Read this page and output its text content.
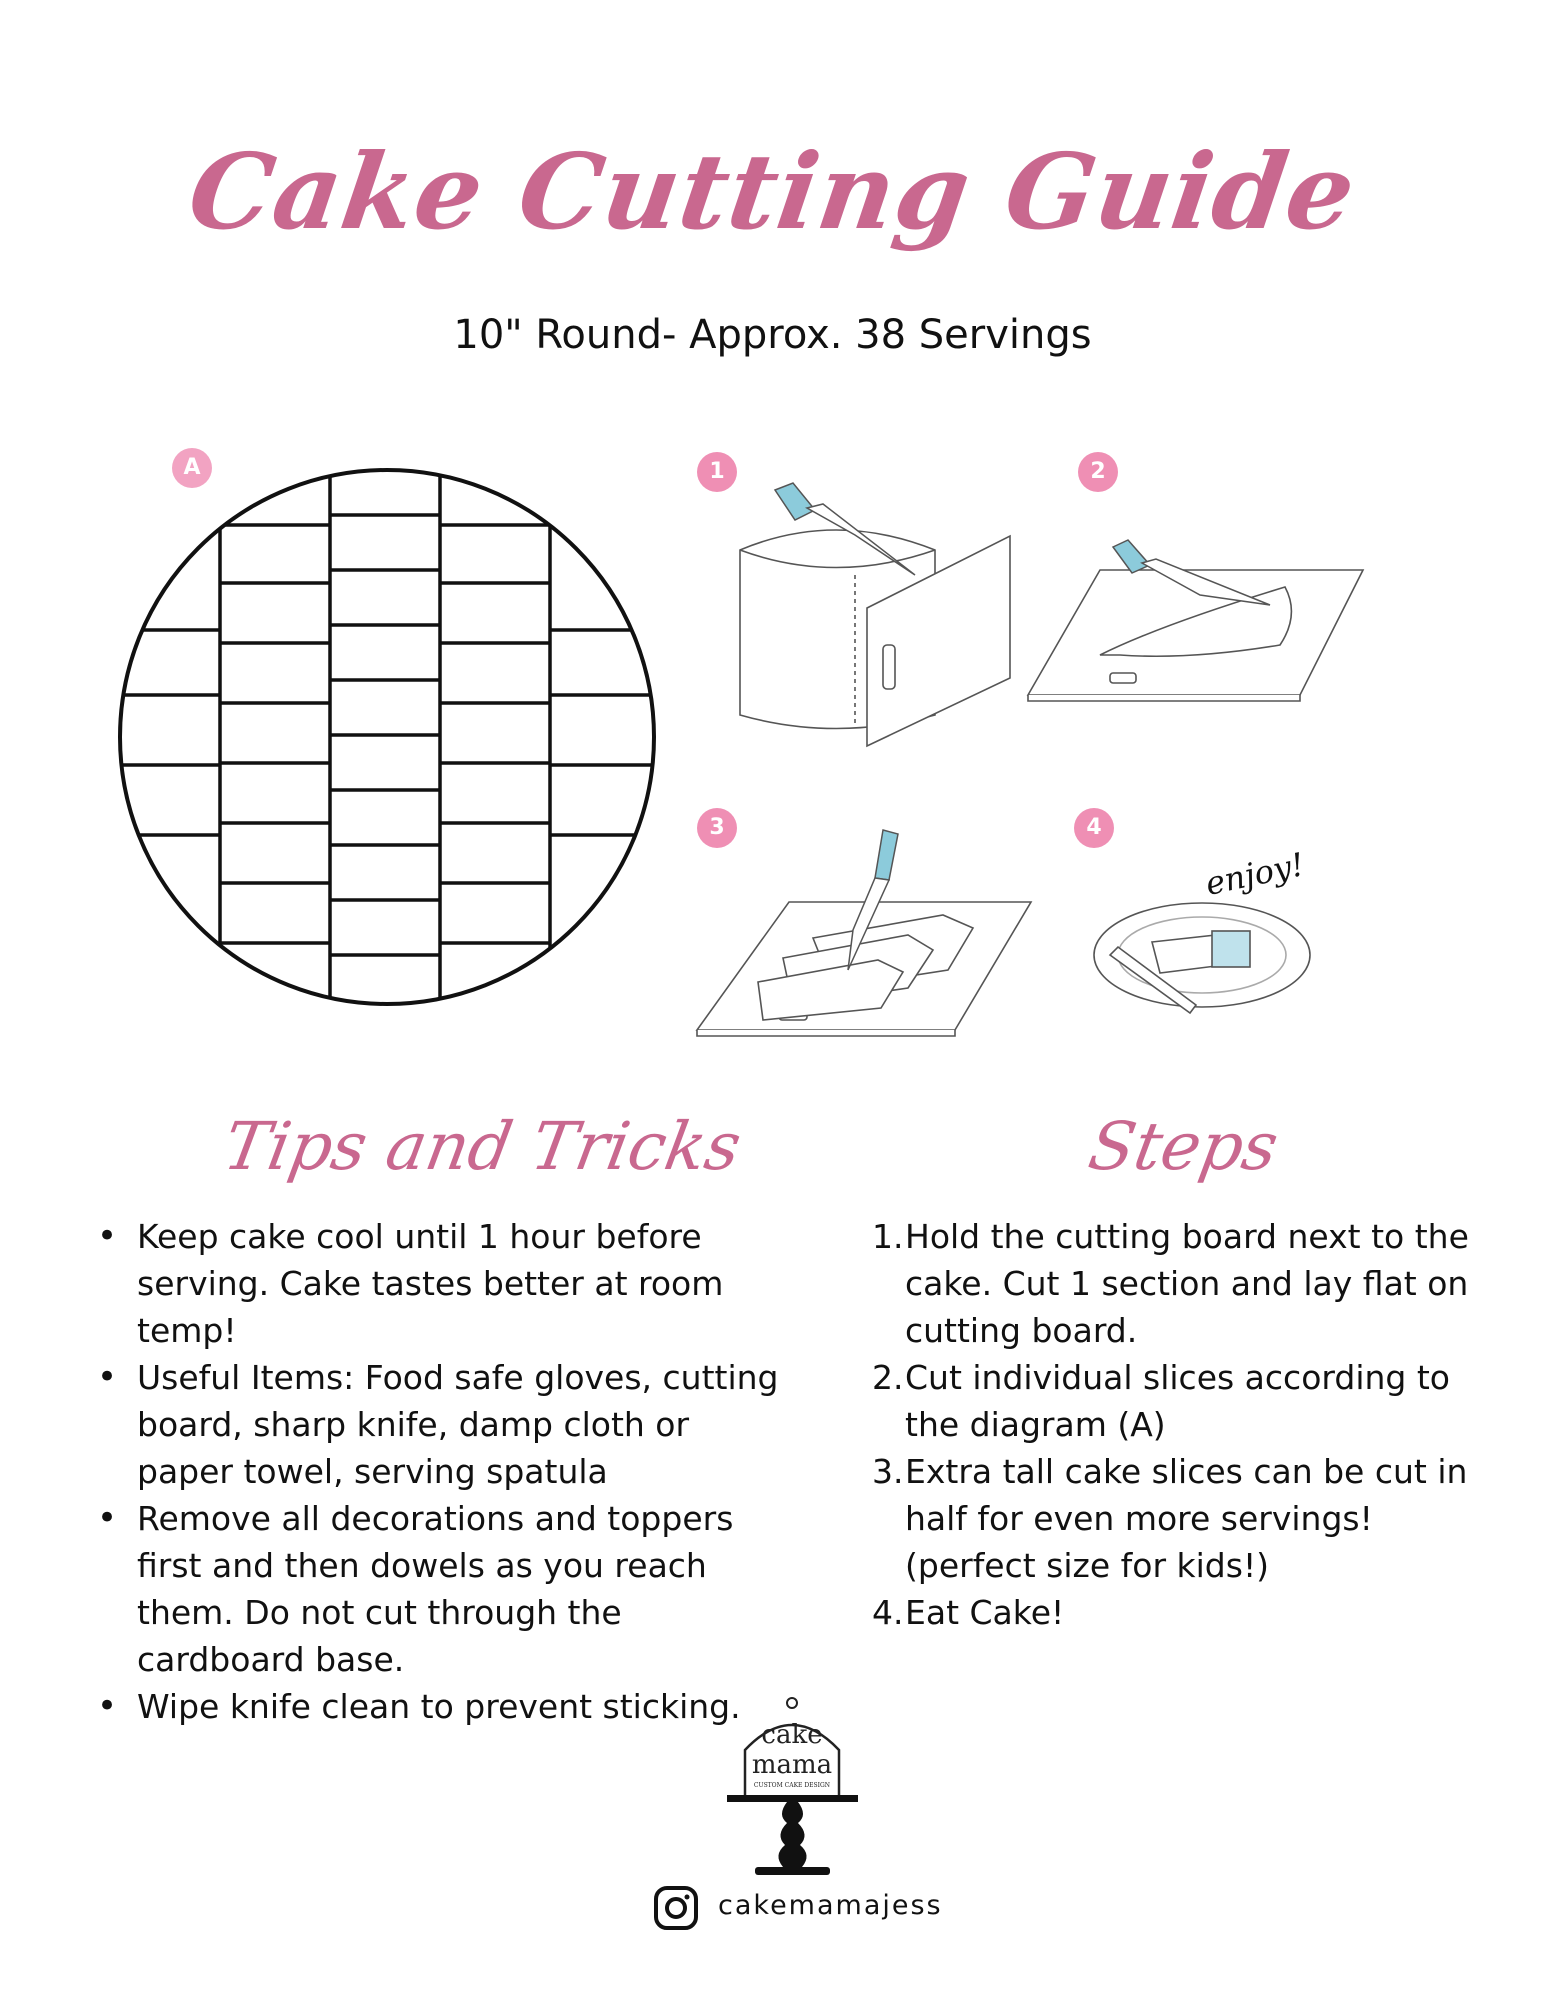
Cake Cutting Guide
10" Round- Approx. 38 Servings
A	1	2
3	4
enjoy!
Tips and Tricks
• Keep cake cool until 1 hour before serving. Cake tastes better at room temp!
• Useful Items: Food safe gloves, cutting board, sharp knife, damp cloth or paper towel, serving spatula
• Remove all decorations and toppers first and then dowels as you reach them. Do not cut through the cardboard base.
• Wipe knife clean to prevent sticking.
Steps
1. Hold the cutting board next to the cake. Cut 1 section and lay flat on cutting board.
2. Cut individual slices according to the diagram (A)
3. Extra tall cake slices can be cut in half for even more servings! (perfect size for kids!)
4. Eat Cake!
cake
mama
CUSTOM CAKE DESIGN
cakemamajess
